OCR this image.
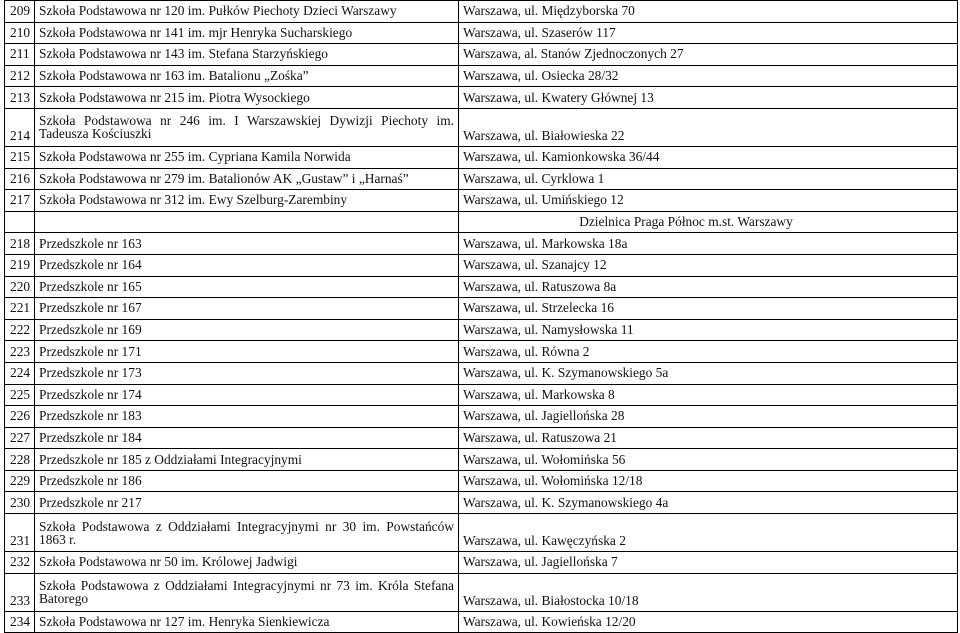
209	Szkoła Podstawowa nr 120 im. Pułków Piechoty Dzieci Warszawy	Warszawa, ul. Międzyborska 70
210	Szkoła Podstawowa nr 141 im. mjr Henryka Sucharskiego	Warszawa, ul. Szaserów 117
211	Szkoła Podstawowa nr 143 im. Stefana Starzyńskiego	Warszawa, al. Stanów Zjednoczonych 27
212	Szkoła Podstawowa nr 163 im. Batalionu „Zośka”	Warszawa, ul. Osiecka 28/32
213	Szkoła Podstawowa nr 215 im. Piotra Wysockiego	Warszawa, ul. Kwatery Głównej 13
214	Szkoła Podstawowa nr 246 im. I Warszawskiej Dywizji Piechoty im. Tadeusza Kościuszki	Warszawa, ul. Białowieska 22
215	Szkoła Podstawowa nr 255 im. Cypriana Kamila Norwida	Warszawa, ul. Kamionkowska 36/44
216	Szkoła Podstawowa nr 279 im. Batalionów AK „Gustaw” i „Harnaś”	Warszawa, ul. Cyrklowa 1
217	Szkoła Podstawowa nr 312 im. Ewy Szelburg-Zarembiny	Warszawa, ul. Umińskiego 12
		Dzielnica Praga Północ m.st. Warszawy
218	Przedszkole nr 163	Warszawa, ul. Markowska 18a
219	Przedszkole nr 164	Warszawa, ul. Szanajcy 12
220	Przedszkole nr 165	Warszawa, ul. Ratuszowa 8a
221	Przedszkole nr 167	Warszawa, ul. Strzelecka 16
222	Przedszkole nr 169	Warszawa, ul. Namysłowska 11
223	Przedszkole nr 171	Warszawa, ul. Równa 2
224	Przedszkole nr 173	Warszawa, ul. K. Szymanowskiego 5a
225	Przedszkole nr 174	Warszawa, ul. Markowska 8
226	Przedszkole nr 183	Warszawa, ul. Jagiellońska 28
227	Przedszkole nr 184	Warszawa, ul. Ratuszowa 21
228	Przedszkole nr 185 z Oddziałami Integracyjnymi	Warszawa, ul. Wołomińska 56
229	Przedszkole nr 186	Warszawa, ul. Wołomińska 12/18
230	Przedszkole nr 217	Warszawa, ul. K. Szymanowskiego 4a
231	Szkoła Podstawowa z Oddziałami Integracyjnymi nr 30 im. Powstańców 1863 r.	Warszawa, ul. Kawęczyńska 2
232	Szkoła Podstawowa nr 50 im. Królowej Jadwigi	Warszawa, ul. Jagiellońska 7
233	Szkoła Podstawowa z Oddziałami Integracyjnymi nr 73 im. Króla Stefana Batorego	Warszawa, ul. Białostocka 10/18
234	Szkoła Podstawowa nr 127 im. Henryka Sienkiewicza	Warszawa, ul. Kowieńska 12/20
